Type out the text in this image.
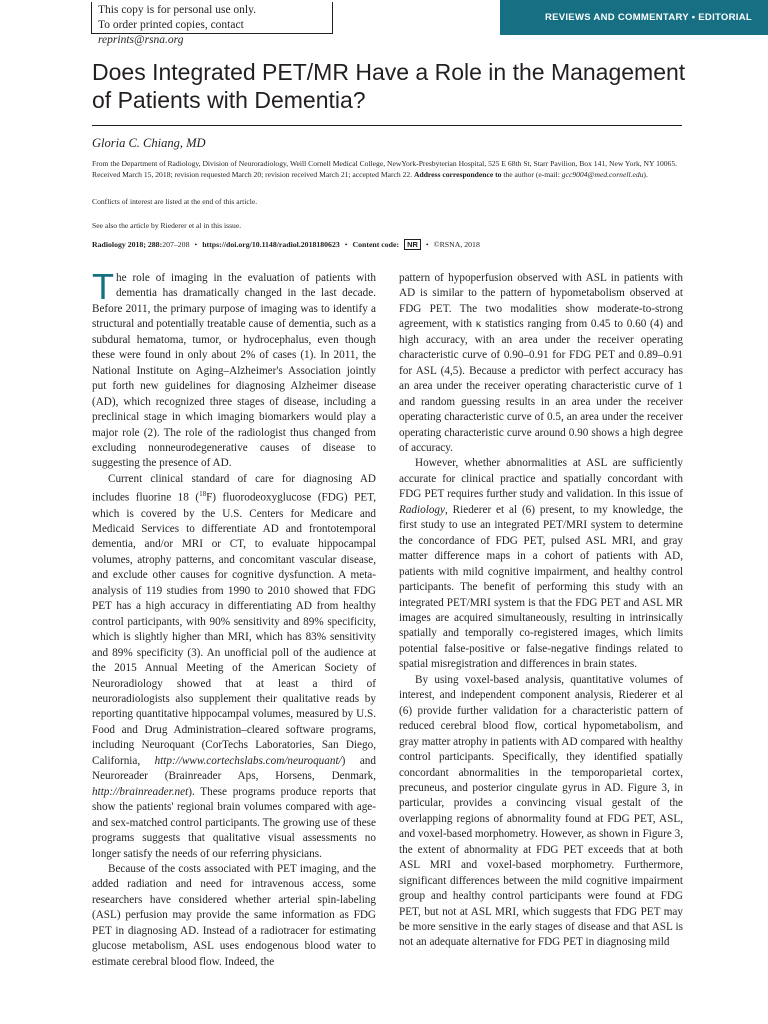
This copy is for personal use only.
To order printed copies, contact reprints@rsna.org
REVIEWS AND COMMENTARY • EDITORIAL
Does Integrated PET/MR Have a Role in the Management of Patients with Dementia?
Gloria C. Chiang, MD
From the Department of Radiology, Division of Neuroradiology, Weill Cornell Medical College, NewYork-Presbyterian Hospital, 525 E 68th St, Starr Pavilion, Box 141, New York, NY 10065. Received March 15, 2018; revision requested March 20; revision received March 21; accepted March 22. Address correspondence to the author (e-mail: gcc9004@med.cornell.edu).
Conflicts of interest are listed at the end of this article.
See also the article by Riederer et al in this issue.
Radiology 2018; 288:207–208 • https://doi.org/10.1148/radiol.2018180623 • Content code:	NR	• ©RSNA, 2018

The role of imaging in the evaluation of patients with dementia has dramatically changed in the last decade. Before 2011, the primary purpose of imaging was to identify a structural and potentially treatable cause of dementia, such as a subdural hematoma, tumor, or hydrocephalus, even though these were found in only about 2% of cases (1). In 2011, the National Institute on Aging–Alzheimer's Association jointly put forth new guidelines for diagnosing Alzheimer disease (AD), which recognized three stages of disease, including a preclinical stage in which imaging biomarkers would play a major role (2). The role of the radiologist thus changed from excluding nonneurodegenerative causes of disease to suggesting the presence of AD.

Current clinical standard of care for diagnosing AD includes fluorine 18 ($^{18}$F) fluorodeoxyglucose (FDG) PET, which is covered by the U.S. Centers for Medicare and Medicaid Services to differentiate AD and frontotemporal dementia, and/or MRI or CT, to evaluate hippocampal volumes, atrophy patterns, and concomitant vascular disease, and exclude other causes for cognitive dysfunction. A meta-analysis of 119 studies from 1990 to 2010 showed that FDG PET has a high accuracy in differentiating AD from healthy control participants, with 90% sensitivity and 89% specificity, which is slightly higher than MRI, which has 83% sensitivity and 89% specificity (3). An unofficial poll of the audience at the 2015 Annual Meeting of the American Society of Neuroradiology showed that at least a third of neuroradiologists also supplement their qualitative reads by reporting quantitative hippocampal volumes, measured by U.S. Food and Drug Administration–cleared software programs, including Neuroquant (CorTechs Laboratories, San Diego, California, http://www.cortechslabs.com/neuroquant/) and Neuroreader (Brainreader Aps, Horsens, Denmark, http://brainreader.net). These programs produce reports that show the patients' regional brain volumes compared with age- and sex-matched control participants. The growing use of these programs suggests that qualitative visual assessments no longer satisfy the needs of our referring physicians.

Because of the costs associated with PET imaging, and the added radiation and need for intravenous access, some researchers have considered whether arterial spin-labeling (ASL) perfusion may provide the same information as FDG PET in diagnosing AD. Instead of a radiotracer for estimating glucose metabolism, ASL uses endogenous blood water to estimate cerebral blood flow. Indeed, the

pattern of hypoperfusion observed with ASL in patients with AD is similar to the pattern of hypometabolism observed at FDG PET. The two modalities show moderate-to-strong agreement, with κ statistics ranging from 0.45 to 0.60 (4) and high accuracy, with an area under the receiver operating characteristic curve of 0.90–0.91 for FDG PET and 0.89–0.91 for ASL (4,5). Because a predictor with perfect accuracy has an area under the receiver operating characteristic curve of 1 and random guessing results in an area under the receiver operating characteristic curve of 0.5, an area under the receiver operating characteristic curve around 0.90 shows a high degree of accuracy.

However, whether abnormalities at ASL are sufficiently accurate for clinical practice and spatially concordant with FDG PET requires further study and validation. In this issue of Radiology, Riederer et al (6) present, to my knowledge, the first study to use an integrated PET/MRI system to determine the concordance of FDG PET, pulsed ASL MRI, and gray matter difference maps in a cohort of patients with AD, patients with mild cognitive impairment, and healthy control participants. The benefit of performing this study with an integrated PET/MRI system is that the FDG PET and ASL MR images are acquired simultaneously, resulting in intrinsically spatially and temporally co-registered images, which limits potential false-positive or false-negative findings related to spatial misregistration and differences in brain states.

By using voxel-based analysis, quantitative volumes of interest, and independent component analysis, Riederer et al (6) provide further validation for a characteristic pattern of reduced cerebral blood flow, cortical hypometabolism, and gray matter atrophy in patients with AD compared with healthy control participants. Specifically, they identified spatially concordant abnormalities in the temporoparietal cortex, precuneus, and posterior cingulate gyrus in AD. Figure 3, in particular, provides a convincing visual gestalt of the overlapping regions of abnormality found at FDG PET, ASL, and voxel-based morphometry. However, as shown in Figure 3, the extent of abnormality at FDG PET exceeds that at both ASL MRI and voxel-based morphometry. Furthermore, significant differences between the mild cognitive impairment group and healthy control participants were found at FDG PET, but not at ASL MRI, which suggests that FDG PET may be more sensitive in the early stages of disease and that ASL is not an adequate alternative for FDG PET in diagnosing mild
